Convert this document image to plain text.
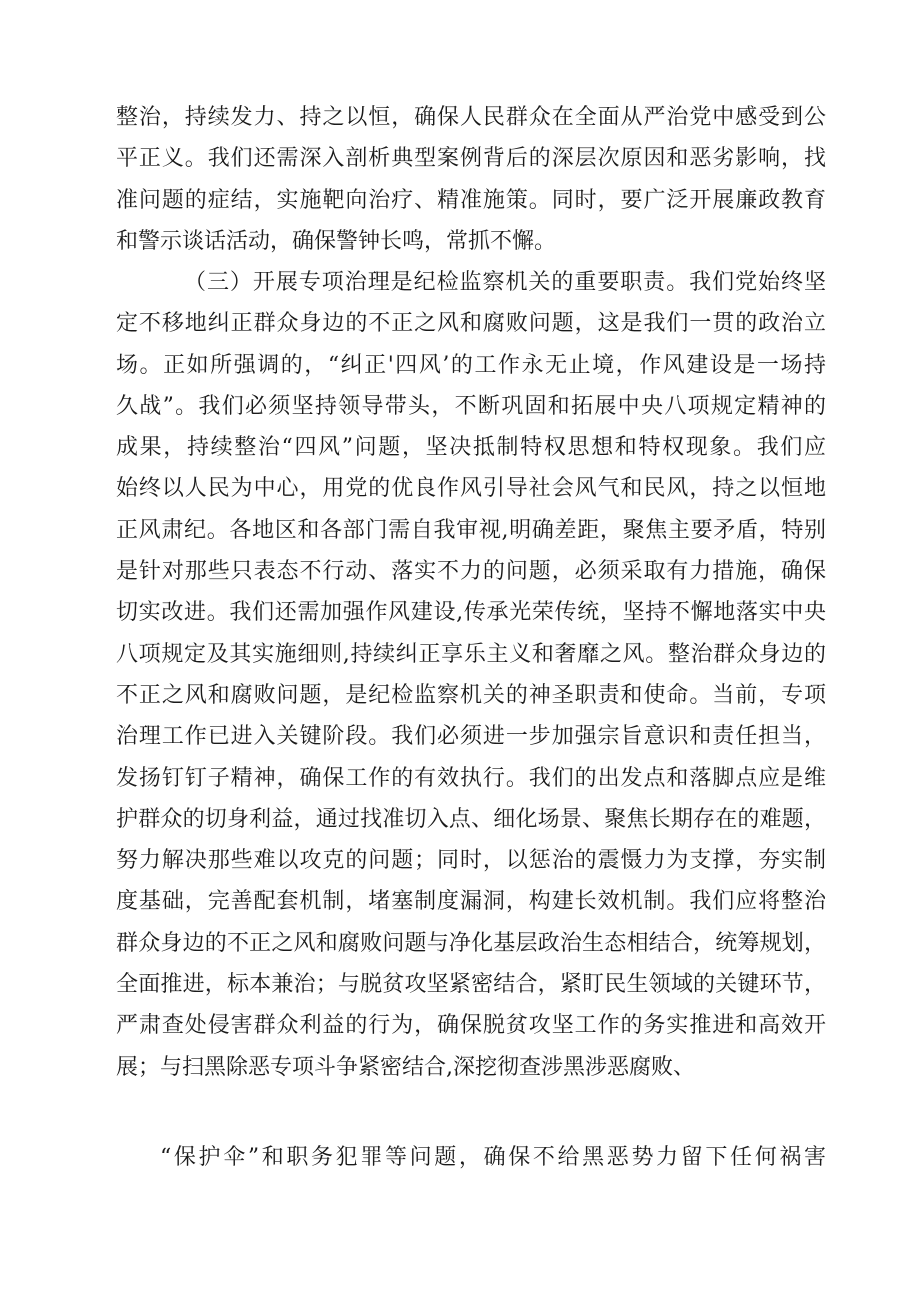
整治，持续发力、持之以恒，确保人民群众在全面从严治党中感受到公
平正义。我们还需深入剖析典型案例背后的深层次原因和恶劣影响，找
准问题的症结，实施靶向治疗、精准施策。同时，要广泛开展廉政教育
和警示谈话活动，确保警钟长鸣，常抓不懈。
（三）开展专项治理是纪检监察机关的重要职责。我们党始终坚
定不移地纠正群众身边的不正之风和腐败问题，这是我们一贯的政治立
场。正如所强调的，“纠正'四风’的工作永无止境，作风建设是一场持
久战”。我们必须坚持领导带头，不断巩固和拓展中央八项规定精神的
成果，持续整治“四风”问题，坚决抵制特权思想和特权现象。我们应
始终以人民为中心，用党的优良作风引导社会风气和民风，持之以恒地
正风肃纪。各地区和各部门需自我审视,明确差距，聚焦主要矛盾，特别
是针对那些只表态不行动、落实不力的问题，必须采取有力措施，确保
切实改进。我们还需加强作风建设,传承光荣传统，坚持不懈地落实中央
八项规定及其实施细则,持续纠正享乐主义和奢靡之风。整治群众身边的
不正之风和腐败问题，是纪检监察机关的神圣职责和使命。当前，专项
治理工作已进入关键阶段。我们必须进一步加强宗旨意识和责任担当，
发扬钉钉子精神，确保工作的有效执行。我们的出发点和落脚点应是维
护群众的切身利益，通过找准切入点、细化场景、聚焦长期存在的难题，
努力解决那些难以攻克的问题；同时，以惩治的震慑力为支撑，夯实制
度基础，完善配套机制，堵塞制度漏洞，构建长效机制。我们应将整治
群众身边的不正之风和腐败问题与净化基层政治生态相结合，统筹规划，
全面推进，标本兼治；与脱贫攻坚紧密结合，紧盯民生领域的关键环节，
严肃查处侵害群众利益的行为，确保脱贫攻坚工作的务实推进和高效开
展；与扫黑除恶专项斗争紧密结合,深挖彻查涉黑涉恶腐败、
“保护伞”和职务犯罪等问题，确保不给黑恶势力留下任何祸害
